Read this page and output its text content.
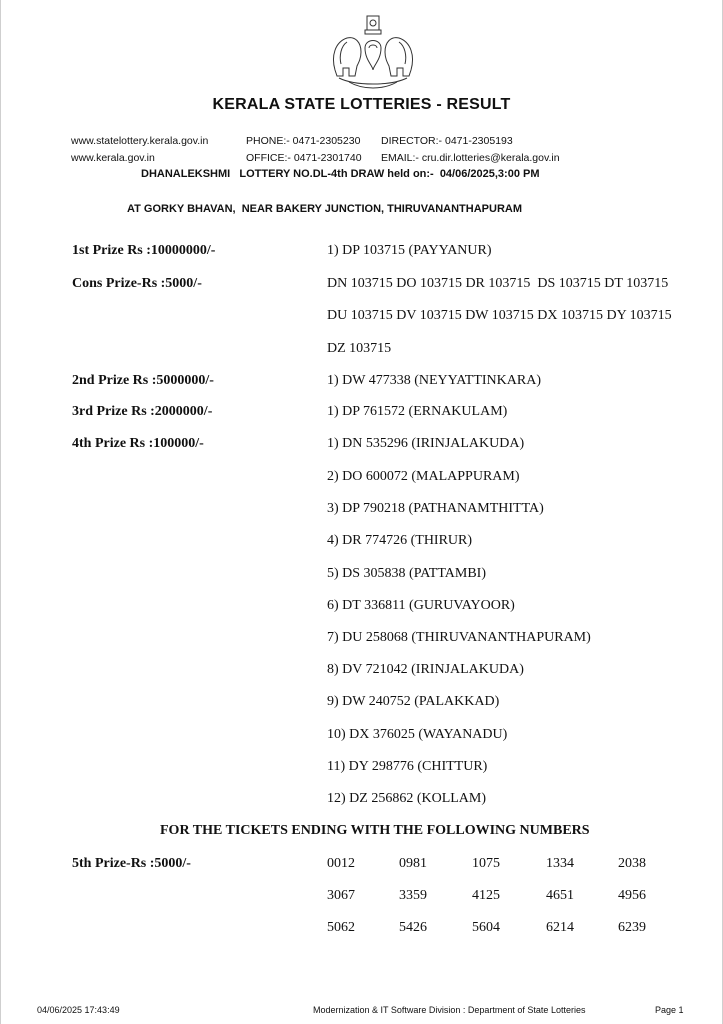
KERALA STATE LOTTERIES - RESULT
www.statelottery.kerala.gov.in	PHONE:- 0471-2305230 DIRECTOR:- 0471-2305193
www.kerala.gov.in	OFFICE:- 0471-2301740 EMAIL:- cru.dir.lotteries@kerala.gov.in
DHANALEKSHMI   LOTTERY NO.DL-4th DRAW held on:-  04/06/2025,3:00 PM
AT GORKY BHAVAN,  NEAR BAKERY JUNCTION, THIRUVANANTHAPURAM
1st Prize Rs :10000000/-	1) DP 103715 (PAYYANUR)
Cons Prize-Rs :5000/-	DN 103715 DO 103715 DR 103715  DS 103715 DT 103715
DU 103715 DV 103715 DW 103715 DX 103715 DY 103715
DZ 103715
2nd Prize Rs :5000000/-	1) DW 477338 (NEYYATTINKARA)
3rd Prize Rs :2000000/-	1) DP 761572 (ERNAKULAM)
4th Prize Rs :100000/-	1) DN 535296 (IRINJALAKUDA)
2) DO 600072 (MALAPPURAM)
3) DP 790218 (PATHANAMTHITTA)
4) DR 774726 (THIRUR)
5) DS 305838 (PATTAMBI)
6) DT 336811 (GURUVAYOOR)
7) DU 258068 (THIRUVANANTHAPURAM)
8) DV 721042 (IRINJALAKUDA)
9) DW 240752 (PALAKKAD)
10) DX 376025 (WAYANADU)
11) DY 298776 (CHITTUR)
12) DZ 256862 (KOLLAM)
FOR THE TICKETS ENDING WITH THE FOLLOWING NUMBERS
5th Prize-Rs :5000/-	0012	0981	1075	1334	2038
3067	3359	4125	4651	4956
5062	5426	5604	6214	6239
04/06/2025 17:43:49	Modernization & IT Software Division : Department of State Lotteries	Page 1
